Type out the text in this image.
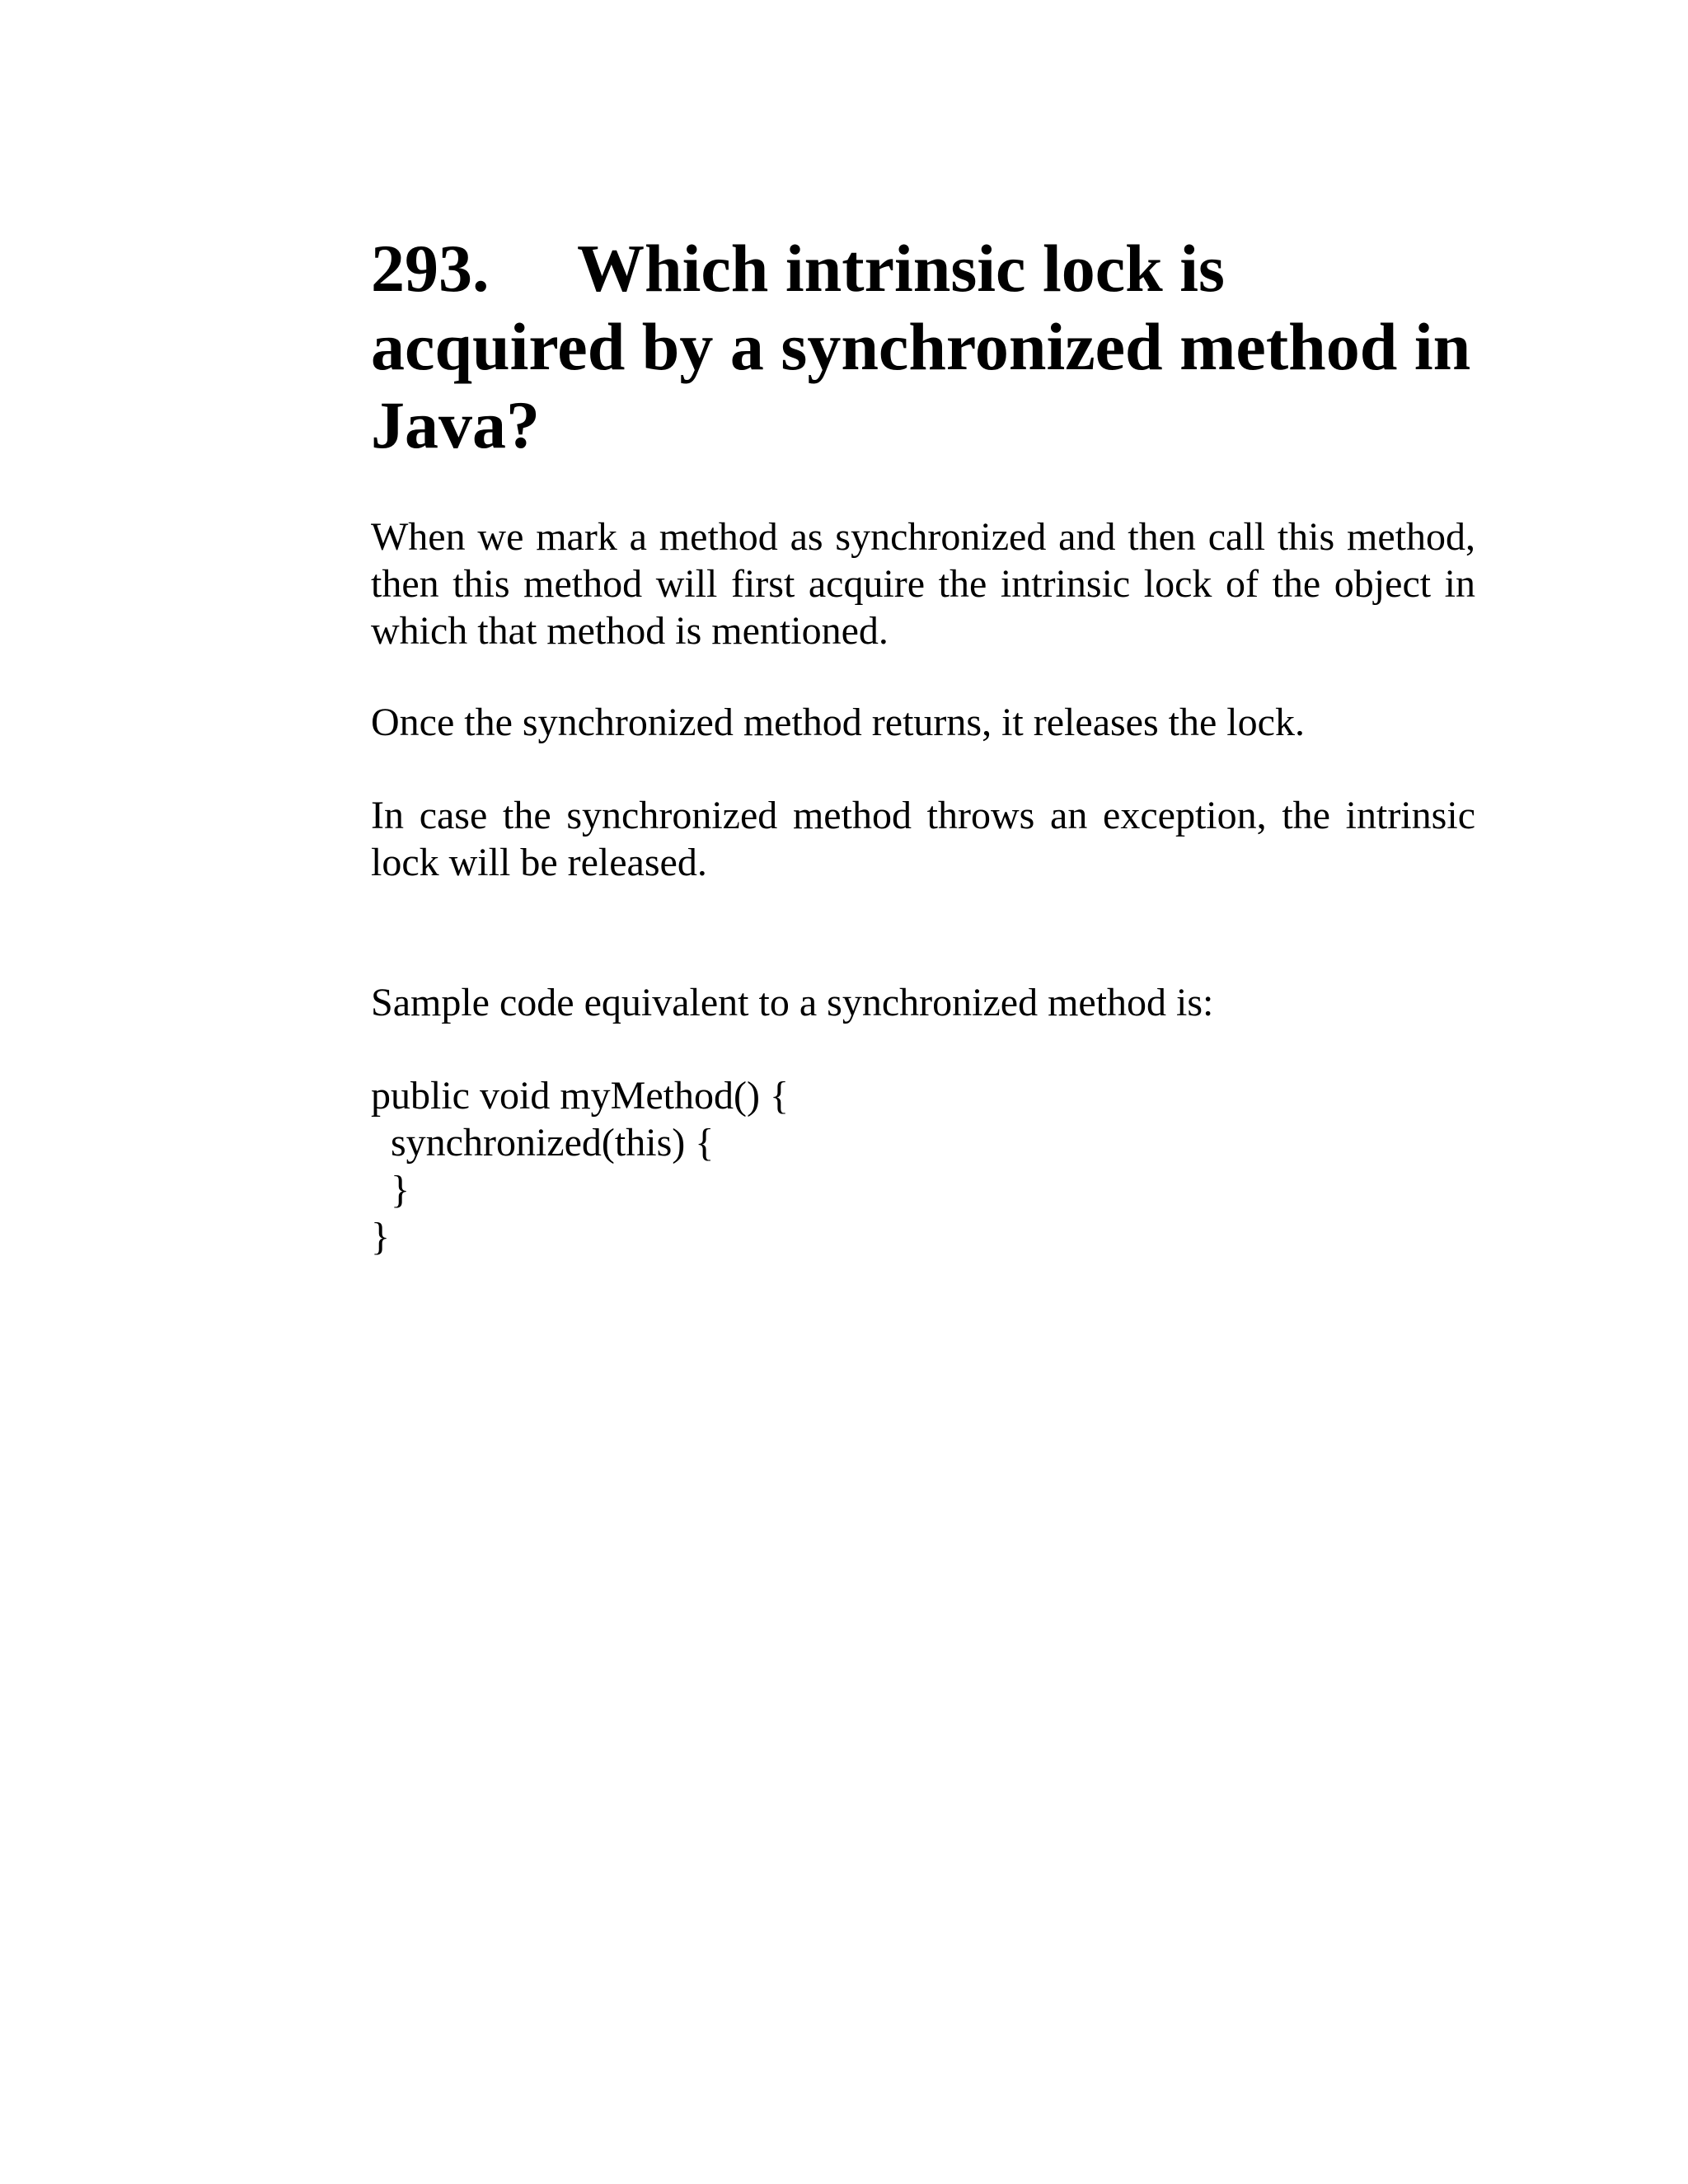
293. Which intrinsic lock is acquired by a synchronized method in Java?

When we mark a method as synchronized and then call this method, then this method will first acquire the intrinsic lock of the object in which that method is mentioned.

Once the synchronized method returns, it releases the lock.

In case the synchronized method throws an exception, the intrinsic lock will be released.

Sample code equivalent to a synchronized method is:

public void myMethod() {
synchronized(this) {
}
}
